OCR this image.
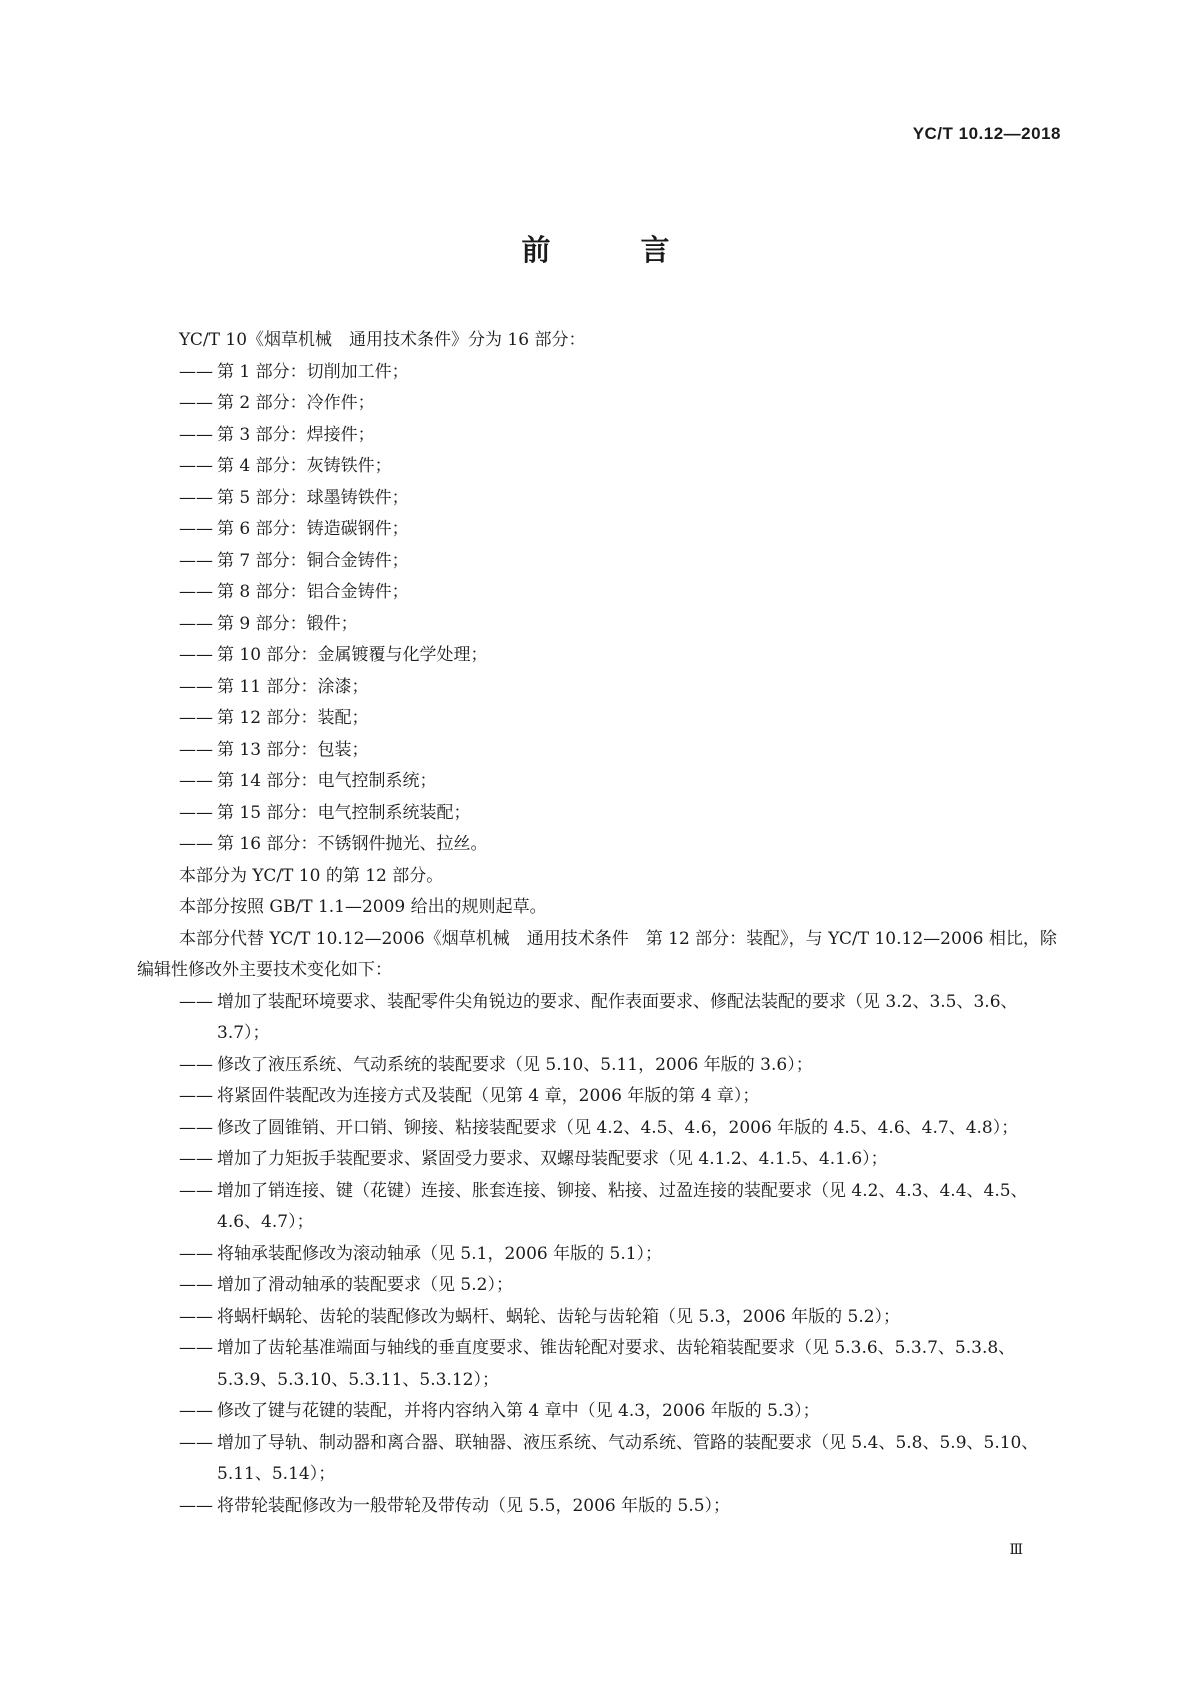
YC/T 10.12—2018
前 言

YC/T 10《烟草机械　通用技术条件》分为 16 部分：

—— 第 1 部分：切削加工件；
—— 第 2 部分：冷作件；
—— 第 3 部分：焊接件；
—— 第 4 部分：灰铸铁件；
—— 第 5 部分：球墨铸铁件；
—— 第 6 部分：铸造碳钢件；
—— 第 7 部分：铜合金铸件；
—— 第 8 部分：铝合金铸件；
—— 第 9 部分：锻件；
—— 第 10 部分：金属镀覆与化学处理；
—— 第 11 部分：涂漆；
—— 第 12 部分：装配；
—— 第 13 部分：包装；
—— 第 14 部分：电气控制系统；
—— 第 15 部分：电气控制系统装配；
—— 第 16 部分：不锈钢件抛光、拉丝。

本部分为 YC/T 10 的第 12 部分。

本部分按照 GB/T 1.1—2009 给出的规则起草。

本部分代替 YC/T 10.12—2006《烟草机械　通用技术条件　第 12 部分：装配》，与 YC/T 10.12—2006 相比，除编辑性修改外主要技术变化如下：

—— 增加了装配环境要求、装配零件尖角锐边的要求、配作表面要求、修配法装配的要求（见 3.2、3.5、3.6、3.7）；
—— 修改了液压系统、气动系统的装配要求（见 5.10、5.11，2006 年版的 3.6）；
—— 将紧固件装配改为连接方式及装配（见第 4 章，2006 年版的第 4 章）；
—— 修改了圆锥销、开口销、铆接、粘接装配要求（见 4.2、4.5、4.6，2006 年版的 4.5、4.6、4.7、4.8）；
—— 增加了力矩扳手装配要求、紧固受力要求、双螺母装配要求（见 4.1.2、4.1.5、4.1.6）；
—— 增加了销连接、键（花键）连接、胀套连接、铆接、粘接、过盈连接的装配要求（见 4.2、4.3、4.4、4.5、4.6、4.7）；
—— 将轴承装配修改为滚动轴承（见 5.1，2006 年版的 5.1）；
—— 增加了滑动轴承的装配要求（见 5.2）；
—— 将蜗杆蜗轮、齿轮的装配修改为蜗杆、蜗轮、齿轮与齿轮箱（见 5.3，2006 年版的 5.2）；
—— 增加了齿轮基准端面与轴线的垂直度要求、锥齿轮配对要求、齿轮箱装配要求（见 5.3.6、5.3.7、5.3.8、5.3.9、5.3.10、5.3.11、5.3.12）；
—— 修改了键与花键的装配，并将内容纳入第 4 章中（见 4.3，2006 年版的 5.3）；
—— 增加了导轨、制动器和离合器、联轴器、液压系统、气动系统、管路的装配要求（见 5.4、5.8、5.9、5.10、5.11、5.14）；
—— 将带轮装配修改为一般带轮及带传动（见 5.5，2006 年版的 5.5）；
Ⅲ
